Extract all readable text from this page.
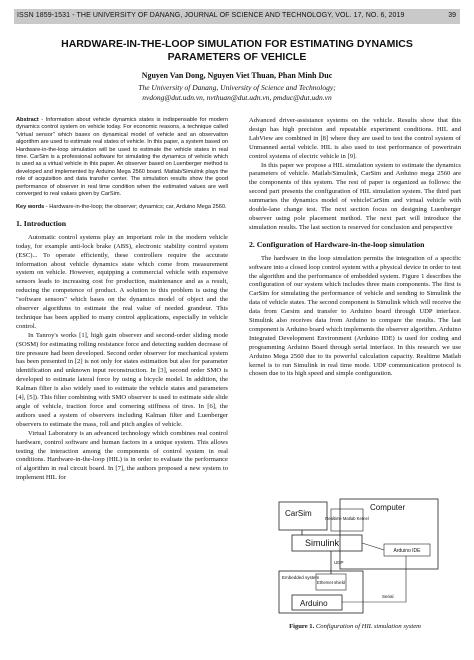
ISSN 1859-1531 - THE UNIVERSITY OF DANANG, JOURNAL OF SCIENCE AND TECHNOLOGY, VOL. 17, NO. 6, 2019	39
HARDWARE-IN-THE-LOOP SIMULATION FOR ESTIMATING DYNAMICS PARAMETERS OF VEHICLE
Nguyen Van Dong, Nguyen Viet Thuan, Phan Minh Duc
The University of Danang, University of Science and Technology;
nvdong@dut.udn.vn, nvthuan@dut.udn.vn, pmduc@dut.udn.vn
Abstract - Information about vehicle dynamics states is indispensable for modern dynamics control system on vehicle today. For economic reasons, a technique called "virtual sensor" which bases on dynamical model of vehicle and an observation algorithm are used to estimate real states of vehicle. In this paper, a system based on Hardware-in-the-loop simulation will be used to estimate the vehicle states in real time. CarSim is a professional software for simulating the dynamics of vehicle which is used as a virtual vehicle in this paper. An observer based on Luenberger method is developed and implemented by Arduino Mega 2560 board. Matlab/Simulink plays the role of acquisition and data transfer center. The simulation results show the good performance of observer in real time condition when the estimated values are well converged to real values given by CarSim.
Key words - Hardware-in-the-loop; the observer; dynamics; car, Arduino Mega 2560.
1. Introduction

Automatic control systems play an important role in the modern vehicle today, for example anti-lock brake (ABS), electronic stability control system (ESC)... To operate efficiently, these controllers require the accurate information about vehicle dynamics state which come from measurement system on vehicle. However, equipping a commercial vehicle with expensive sensors leads to increasing cost for production, maintenance and as a result, reducing the competence of product. A solution to this problem is using the "software sensors" which bases on the dynamics model of object and the observer algorithms to estimate the real value of needed grandeur. This technique has been applied to many control applications, especially in vehicle control.

In Tanroy's works [1], high gain observer and second-order sliding mode (SOSM) for estimating rolling resistance force and detecting sudden decrease of tire pressure had been developed. Second order observer for mechanical system has been presented in [2] is not only for states estimation but also for parameter identification and unknown input reconstruction. In [3], second order SMO is developed to estimate lateral force by using a bicycle model. In addition, the Kalman filter is also widely used to estimate the vehicle states and parameters [4], [5]). This filter combining with SMO observer is used to estimate side slide angle of vehicle, traction force and cornering stiffness of tires. In [6], the authors used a system of observers including Kalman filter and Luenberger observers to estimate the mass, roll and pitch angles of vehicle.

Virtual Laboratory is an advanced technology which combines real control hardware, control software and human factors in a unique system. This allows testing the interaction among the components of control system in real conditions. Hardware-in-the-loop (HIL) is in order to evaluate the performance of algorithm in real circuit board. In [7], the authors proposed a new system to implement HIL for

Advanced driver-assistance systems on the vehicle. Results show that this design has high precision and repeatable experiment conditions. HIL and LabView are combined in [8] where they are used to test the control system of Unmanned aerial vehicle. HIL is also used to test performance of powertrain control systems of electric vehicle in [9].

In this paper we propose a HIL simulation system to estimate the dynamics parameters of vehicle. Matlab/Simulink, CarSim and Arduino mega 2560 are the components of this system. The rest of paper is organized as follows: the second part presents the configuration of HIL simulation system. The third part summaries the dynamics model of vehicleCarSim and virtual vehicle with double-lane change test. The next section focus on designing Luenberger observer using pole placement method. The next part will introduce the simulation results. The last section is reserved for conclusion and perspective

2. Configuration of Hardware-in-the-loop simulation

The hardware in the loop simulation permits the integration of a specific software into a closed loop control system with a physical device in order to test the algorithm and the performance of embedded system. Figure 1 describes the configuration of our system which includes three main components. The first is CarSim for simulating the performance of vehicle and sending to Simulink the data of vehicle states. The second component is Simulink which will receive the data from Carsim and transfer to Arduino board through UDP interface. Simulink also receives data from Arduino to compare the results. The last component is Arduino board which implements the observer algorithm. Arduino Integrated Development Environment (Arduino IDE) is used for coding and programming Arduino Board through serial interface. In this research we use Arduino Mega 2560 due to its powerful calculation capacity. Realtime Matlab kernel is to run Simulink in real time mode. UDP communication protocol is chosen due to its high speed and simple configuration.

Computer
CarSim
Realtime Matlab Kernel
Simulink
Arduino IDE
Embedded system
Ethernet shield
Arduino
UDP
Serial
Figure 1. Configuration of HIL simulation system
